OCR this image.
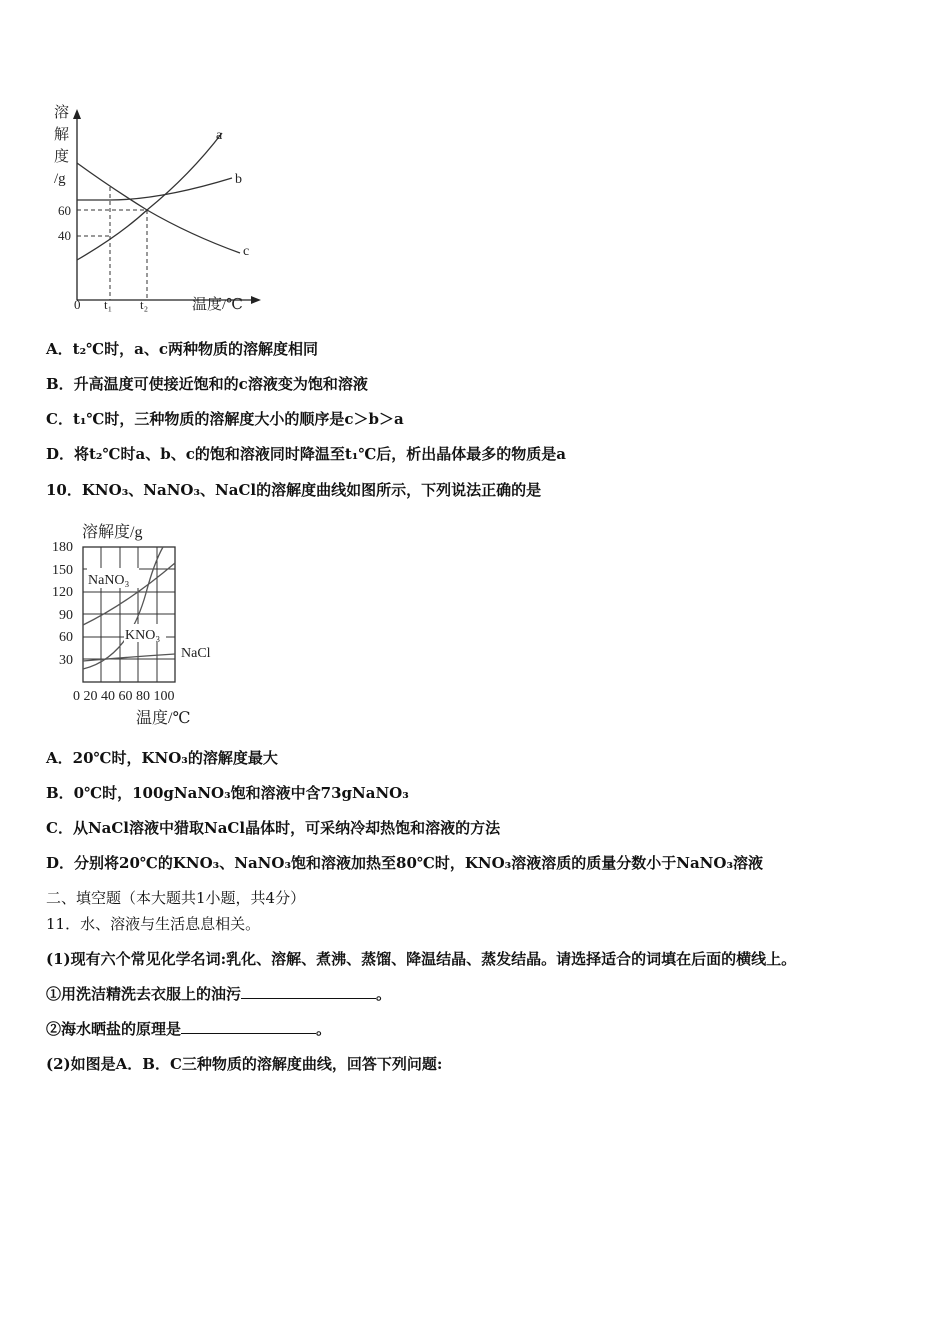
溶
解
度
/g
60
40
a
b
c
0 t₁ t₂	温度/℃
A．t₂℃时，a、c两种物质的溶解度相同
B．升高温度可使接近饱和的c溶液变为饱和溶液
C．t₁℃时，三种物质的溶解度大小的顺序是c＞b＞a
D．将t₂℃时a、b、c的饱和溶液同时降温至t₁℃后，析出晶体最多的物质是a
10．KNO₃、NaNO₃、NaCl的溶解度曲线如图所示，下列说法正确的是
溶解度/g
180
150
120
90
60
30
NaNO₃
KNO₃
NaCl
0 20 40 60 80 100
温度/℃
A．20℃时，KNO₃的溶解度最大
B．0℃时，100gNaNO₃饱和溶液中含73gNaNO₃
C．从NaCl溶液中猎取NaCl晶体时，可采纳冷却热饱和溶液的方法
D．分别将20℃的KNO₃、NaNO₃饱和溶液加热至80℃时，KNO₃溶液溶质的质量分数小于NaNO₃溶液
二、填空题（本大题共1小题，共4分）
11．水、溶液与生活息息相关。
(1)现有六个常见化学名词:乳化、溶解、煮沸、蒸馏、降温结晶、蒸发结晶。请选择适合的词填在后面的横线上。
①用洗洁精洗去衣服上的油污	。
②海水晒盐的原理是	。
(2)如图是A．B．C三种物质的溶解度曲线，回答下列问题:
